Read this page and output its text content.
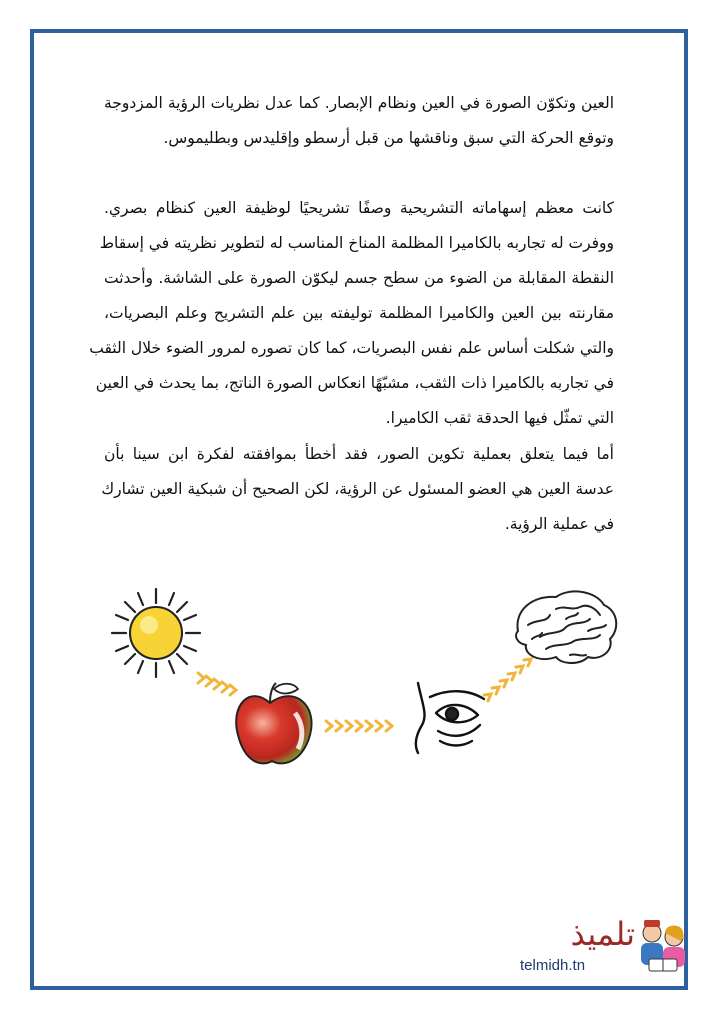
العين وتكوّن الصورة في العين ونظام الإبصار. كما عدل نظريات الرؤية المزدوجة
وتوقع الحركة التي سبق وناقشها من قبل أرسطو وإقليدس وبطليموس.
كانت معظم إسهاماته التشريحية وصفًا تشريحيًا لوظيفة العين كنظام بصري.
ووفرت له تجاربه بالكاميرا المظلمة المناخ المناسب له لتطوير نظريته في إسقاط
النقطة المقابلة من الضوء من سطح جسم ليكوّن الصورة على الشاشة. وأحدثت
مقارنته بين العين والكاميرا المظلمة توليفته بين علم التشريح وعلم البصريات،
والتي شكلت أساس علم نفس البصريات، كما كان تصوره لمرور الضوء خلال الثقب
في تجاربه بالكاميرا ذات الثقب، مشبّهًا انعكاس الصورة الناتج، بما يحدث في العين
التي تمثّل فيها الحدقة ثقب الكاميرا.
أما فيما يتعلق بعملية تكوين الصور، فقد أخطأ بموافقته لفكرة ابن سينا بأن
عدسة العين هي العضو المسئول عن الرؤية، لكن الصحيح أن شبكية العين تشارك
في عملية الرؤية.
تلميذ
telmidh.tn
